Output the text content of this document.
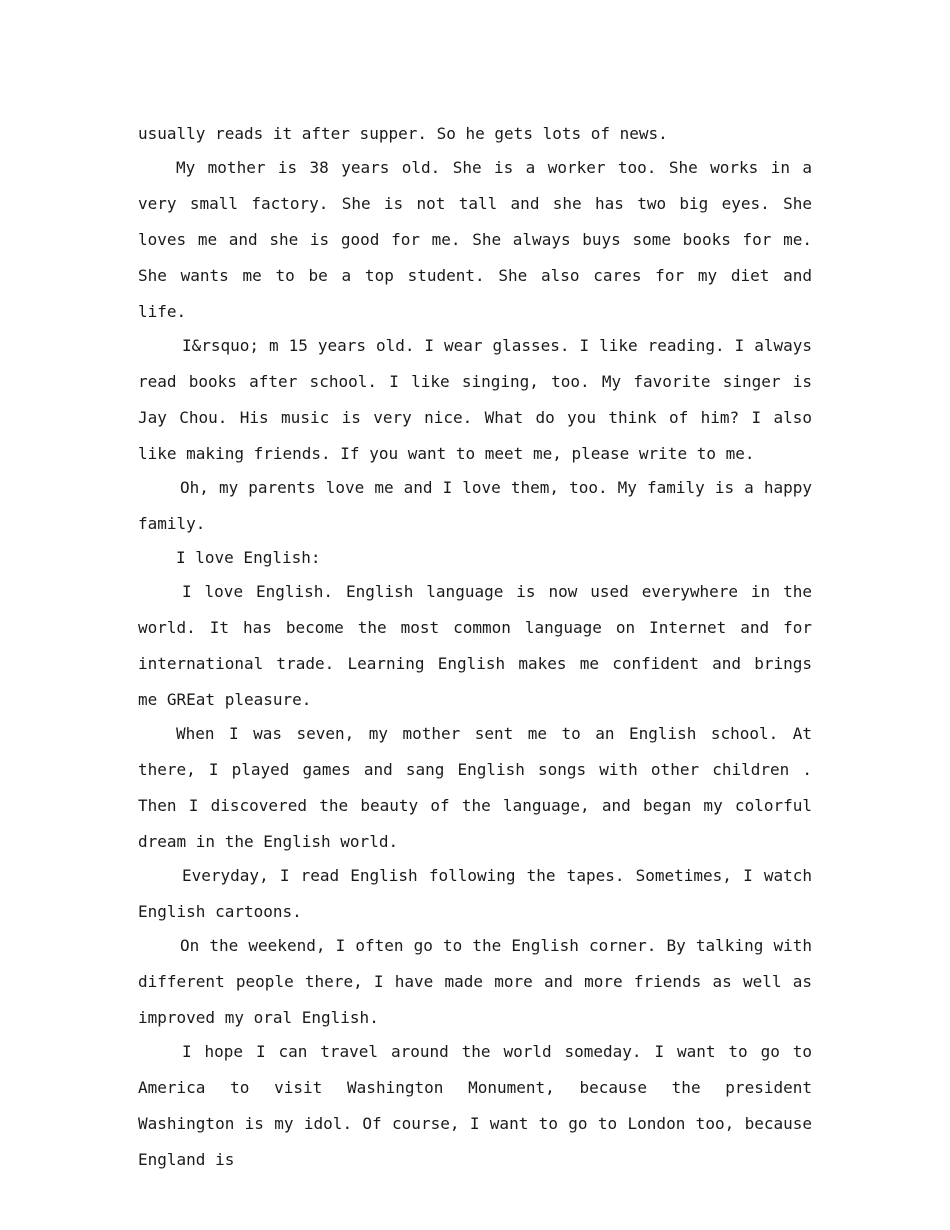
usually reads it after supper. So he gets lots of news.

My mother is 38 years old. She is a worker too. She works in a very small factory. She is not tall and she has two big eyes. She loves me and she is good for me. She always buys some books for me. She wants me to be a top student. She also cares for my diet and life.

I&rsquo; m 15 years old. I wear glasses. I like reading. I always read books after school. I like singing, too. My favorite singer is Jay Chou. His music is very nice. What do you think of him? I also like making friends. If you want to meet me, please write to me.

Oh, my parents love me and I love them, too. My family is a happy family.

I love English:

I love English. English language is now used everywhere in the world. It has become the most common language on Internet and for international trade. Learning English makes me confident and brings me GREat pleasure.

When I was seven, my mother sent me to an English school. At there, I played games and sang English songs with other children . Then I discovered the beauty of the language, and began my colorful dream in the English world.

Everyday, I read English following the tapes. Sometimes, I watch English cartoons.

On the weekend, I often go to the English corner. By talking with different people there, I have made more and more friends as well as improved my oral English.

I hope I can travel around the world someday. I want to go to America to visit Washington Monument, because the president Washington is my idol. Of course, I want to go to London too, because England is
